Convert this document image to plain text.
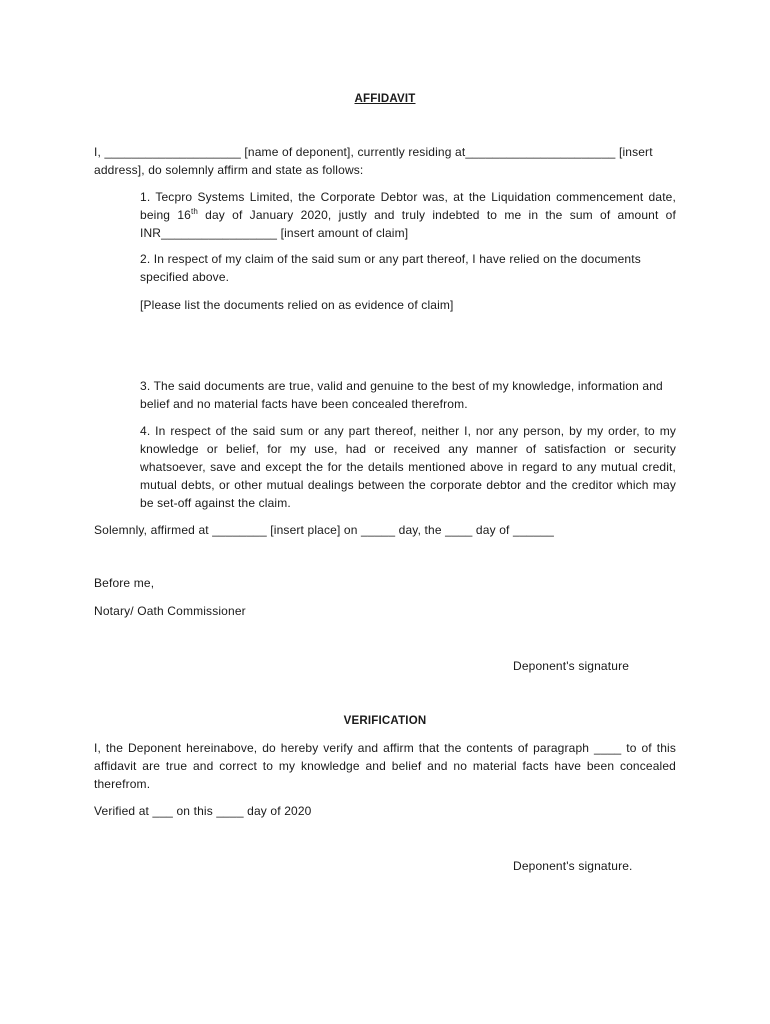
AFFIDAVIT

I, ____________________ [name of deponent], currently residing at______________________ [insert address], do solemnly affirm and state as follows:

1. Tecpro Systems Limited, the Corporate Debtor was, at the Liquidation commencement date, being 16th day of January 2020, justly and truly indebted to me in the sum of amount of INR_________________ [insert amount of claim]

2. In respect of my claim of the said sum or any part thereof, I have relied on the documents specified above.

[Please list the documents relied on as evidence of claim]

3. The said documents are true, valid and genuine to the best of my knowledge, information and belief and no material facts have been concealed therefrom.

4. In respect of the said sum or any part thereof, neither I, nor any person, by my order, to my knowledge or belief, for my use, had or received any manner of satisfaction or security whatsoever, save and except the for the details mentioned above in regard to any mutual credit, mutual debts, or other mutual dealings between the corporate debtor and the creditor which may be set-off against the claim.

Solemnly, affirmed at ________ [insert place] on _____ day, the ____ day of ______

Before me,

Notary/ Oath Commissioner

Deponent's signature

VERIFICATION

I, the Deponent hereinabove, do hereby verify and affirm that the contents of paragraph ____ to of this affidavit are true and correct to my knowledge and belief and no material facts have been concealed therefrom.

Verified at ___ on this ____ day of 2020

Deponent's signature.
